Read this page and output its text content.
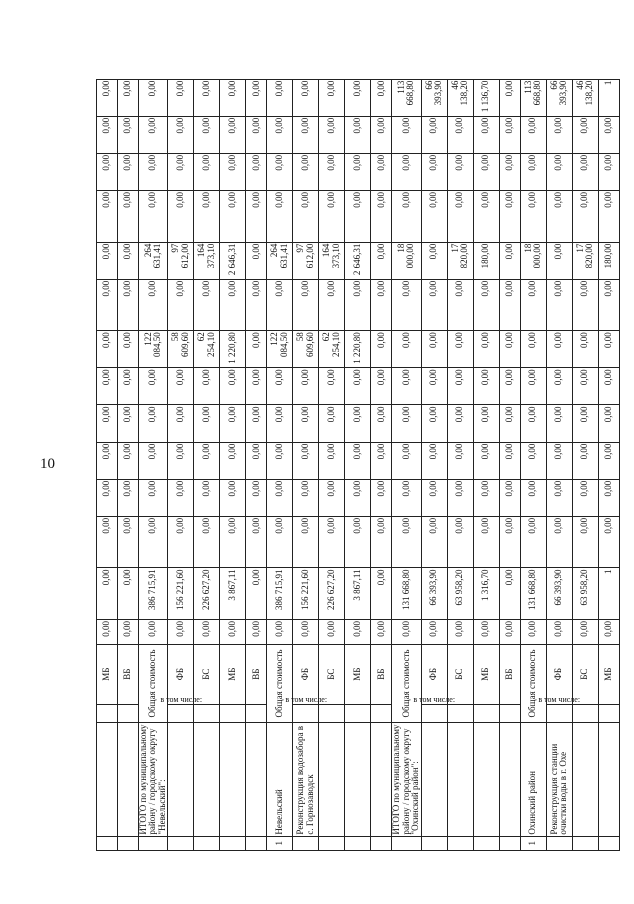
10
			МБ	0,00	0,00	0,00	0,00	0,00	0,00	0,00	0,00	0,00	0,00	0,00	0,00	0,00	0,00
			ВБ	0,00	0,00	0,00	0,00	0,00	0,00	0,00	0,00	0,00	0,00	0,00	0,00	0,00	0,00
	ИТОГО по муниципальному району / городскому округу "Невельский":	Общая стоимость		0,00	386 715,91	0,00	0,00	0,00	0,00	0,00	122 084,50	0,00	264 631,41	0,00	0,00	0,00	0,00
		в том числе:	ФБ	0,00	156 221,60	0,00	0,00	0,00	0,00	0,00	58 609,60	0,00	97 612,00	0,00	0,00	0,00	0,00
			БС	0,00	226 627,20	0,00	0,00	0,00	0,00	0,00	62 254,10	0,00	164 373,10	0,00	0,00	0,00	0,00
			МБ	0,00	3 867,11	0,00	0,00	0,00	0,00	0,00	1 220,80	0,00	2 646,31	0,00	0,00	0,00	0,00
			ВБ	0,00	0,00	0,00	0,00	0,00	0,00	0,00	0,00	0,00	0,00	0,00	0,00	0,00	0,00
1	Невельский	Общая стоимость		0,00	386 715,91	0,00	0,00	0,00	0,00	0,00	122 084,50	0,00	264 631,41	0,00	0,00	0,00	0,00
	Реконструкция водозабора в с. Горнозаводск	в том числе:	ФБ	0,00	156 221,60	0,00	0,00	0,00	0,00	0,00	58 609,60	0,00	97 612,00	0,00	0,00	0,00	0,00
			БС	0,00	226 627,20	0,00	0,00	0,00	0,00	0,00	62 254,10	0,00	164 373,10	0,00	0,00	0,00	0,00
			МБ	0,00	3 867,11	0,00	0,00	0,00	0,00	0,00	1 220,80	0,00	2 646,31	0,00	0,00	0,00	0,00
			ВБ	0,00	0,00	0,00	0,00	0,00	0,00	0,00	0,00	0,00	0,00	0,00	0,00	0,00	0,00
	ИТОГО по муниципальному району / городскому округу "Охинский район":	Общая стоимость		0,00	131 668,80	0,00	0,00	0,00	0,00	0,00	0,00	0,00	18 000,00	0,00	0,00	0,00	113 668,80
		в том числе:	ФБ	0,00	66 393,90	0,00	0,00	0,00	0,00	0,00	0,00	0,00	0,00	0,00	0,00	0,00	66 393,90
			БС	0,00	63 958,20	0,00	0,00	0,00	0,00	0,00	0,00	0,00	17 820,00	0,00	0,00	0,00	46 138,20
			МБ	0,00	1 316,70	0,00	0,00	0,00	0,00	0,00	0,00	0,00	180,00	0,00	0,00	0,00	1 136,70
			ВБ	0,00	0,00	0,00	0,00	0,00	0,00	0,00	0,00	0,00	0,00	0,00	0,00	0,00	0,00
1	Охинский район	Общая стоимость		0,00	131 668,80	0,00	0,00	0,00	0,00	0,00	0,00	0,00	18 000,00	0,00	0,00	0,00	113 668,80
	Реконструкция станции очистки воды в г. Охе	в том числе:	ФБ	0,00	66 393,90	0,00	0,00	0,00	0,00	0,00	0,00	0,00	0,00	0,00	0,00	0,00	66 393,90
			БС	0,00	63 958,20	0,00	0,00	0,00	0,00	0,00	0,00	0,00	17 820,00	0,00	0,00	0,00	46 138,20
			МБ	0,00	1	0,00	0,00	0,00	0,00	0,00	0,00	0,00	180,00	0,00	0,00	0,00	1
